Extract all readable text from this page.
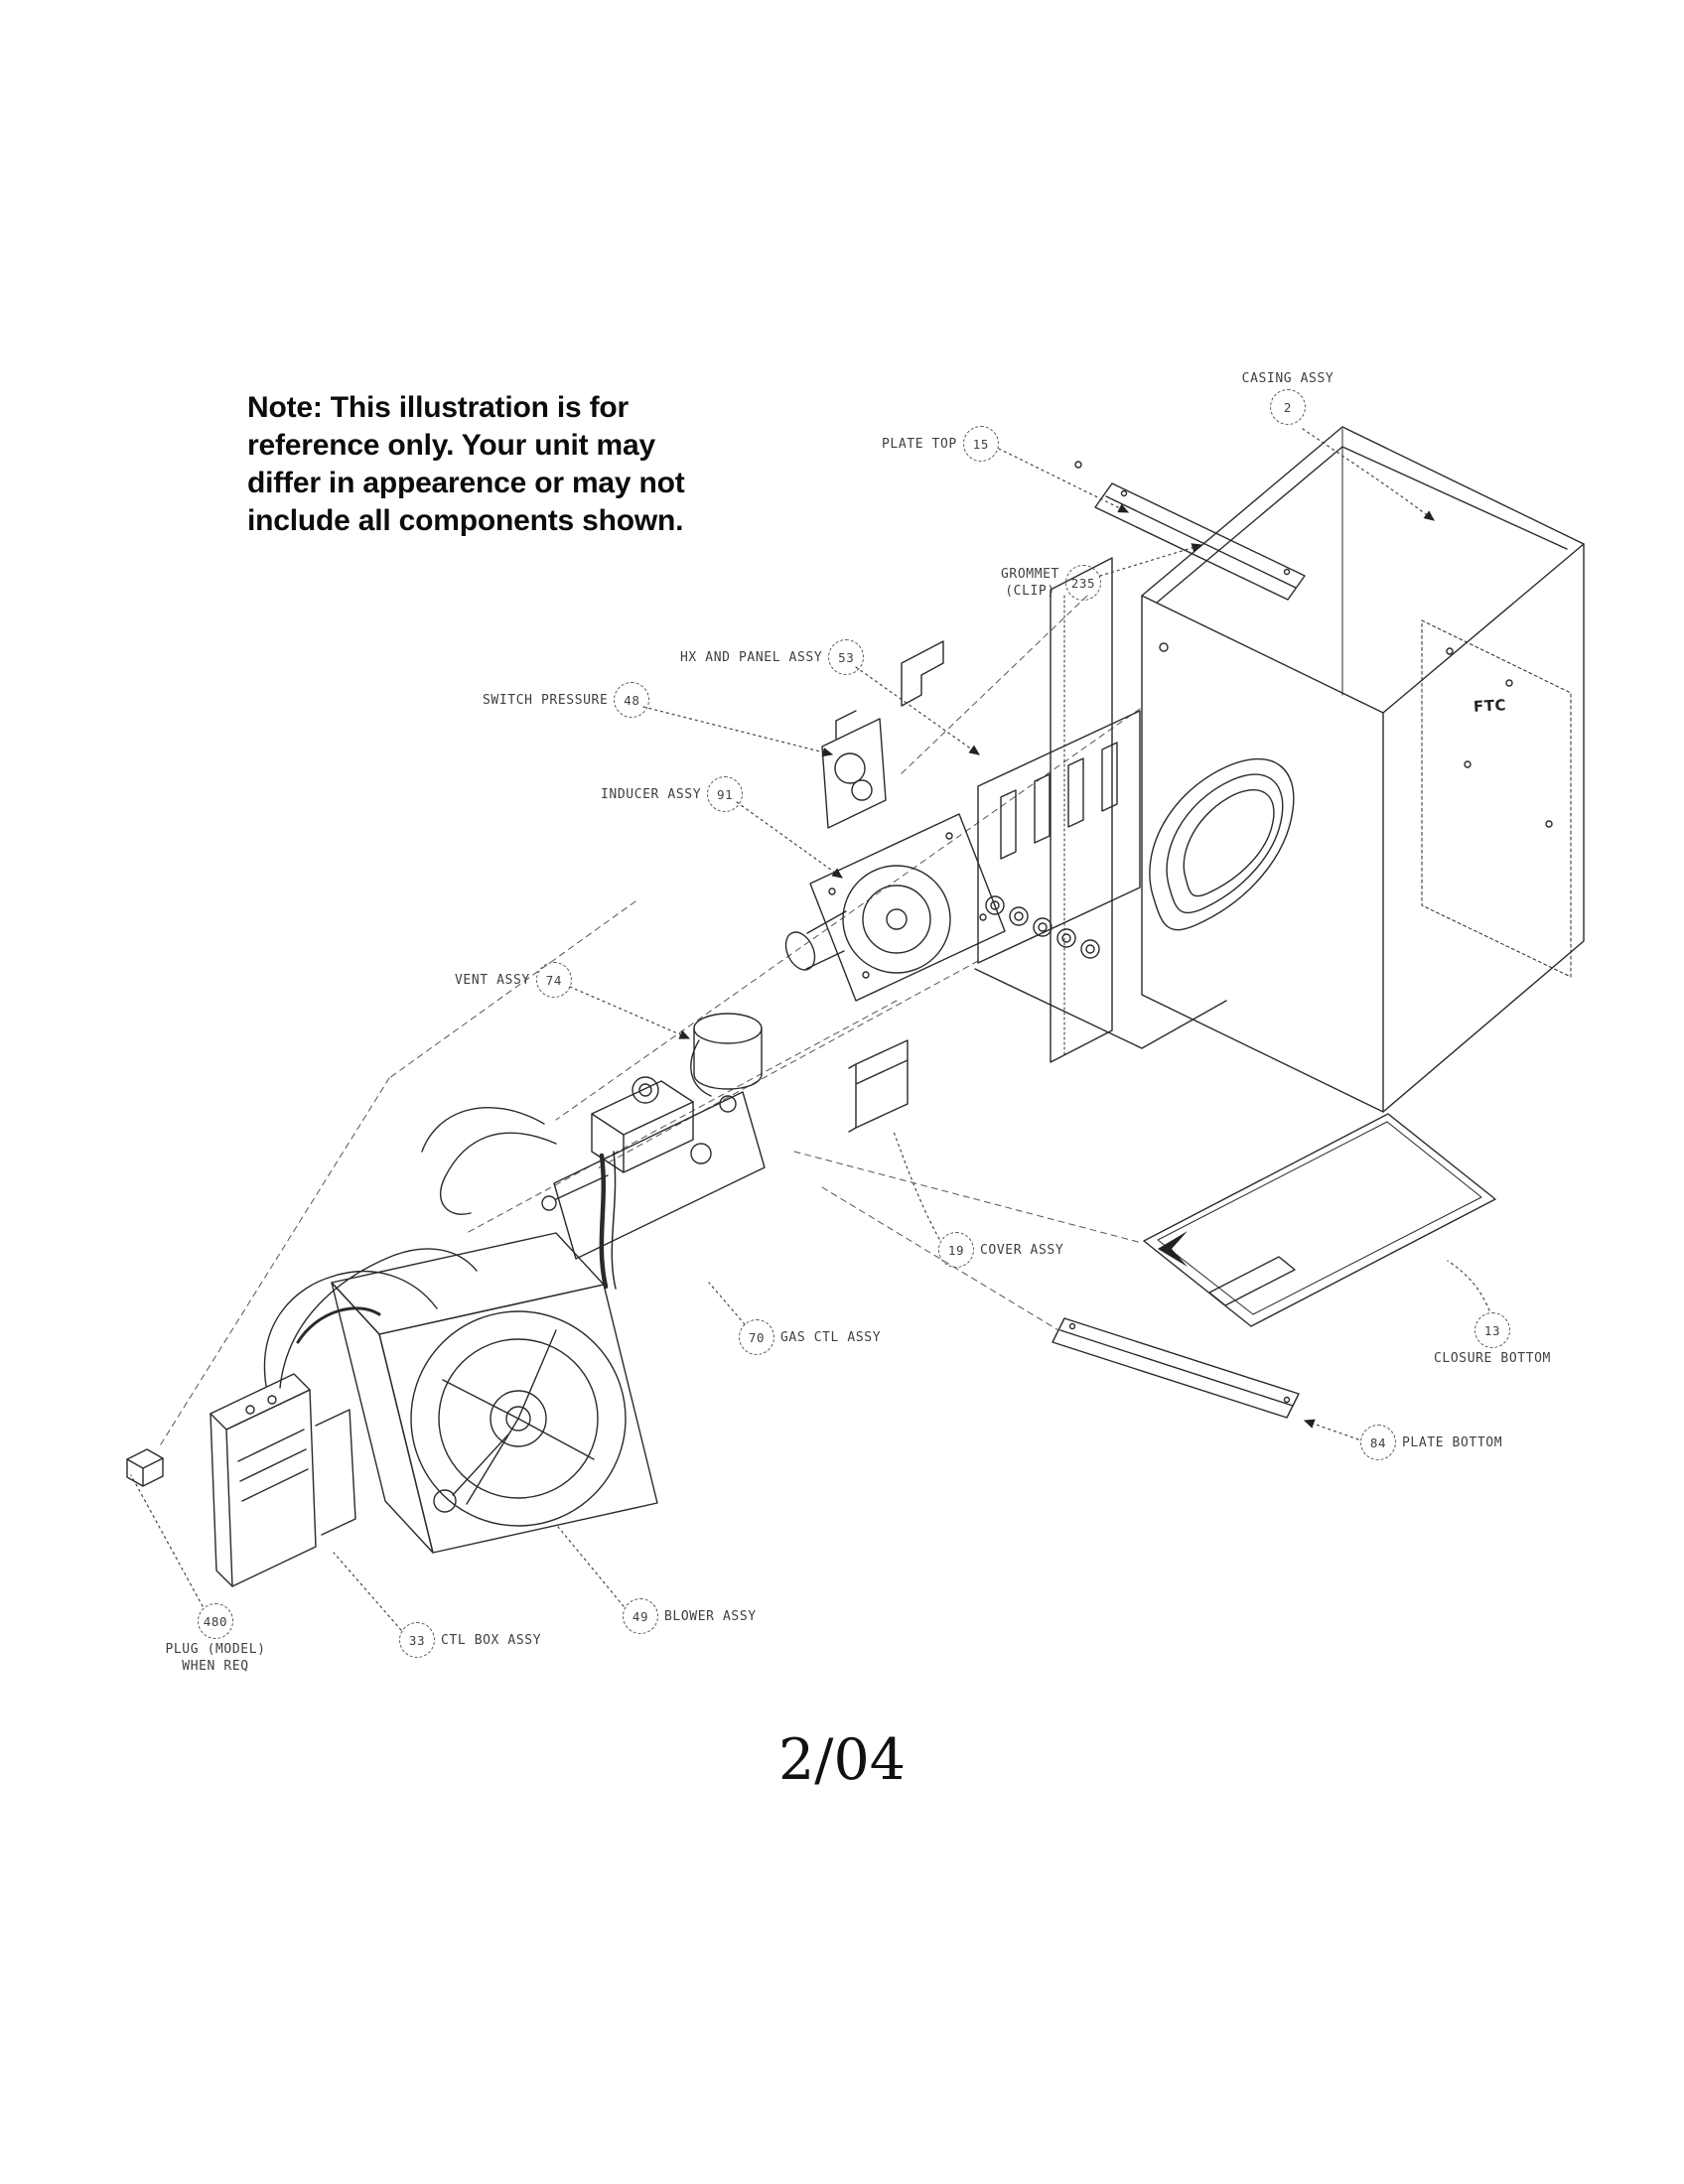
Note: This illustration is for
reference only. Your unit may
differ in appearence or may not
include all components shown.
CASING ASSY
2
PLATE TOP	15
GROMMET
(CLIP)
235
HX AND PANEL ASSY	53
SWITCH PRESSURE	48
INDUCER ASSY	91
VENT ASSY	74
19	COVER ASSY
70	GAS CTL ASSY	13
CLOSURE BOTTOM
84	PLATE BOTTOM
480
PLUG (MODEL)
WHEN REQ
33	CTL BOX ASSY
49	BLOWER ASSY
FTC
2/04
